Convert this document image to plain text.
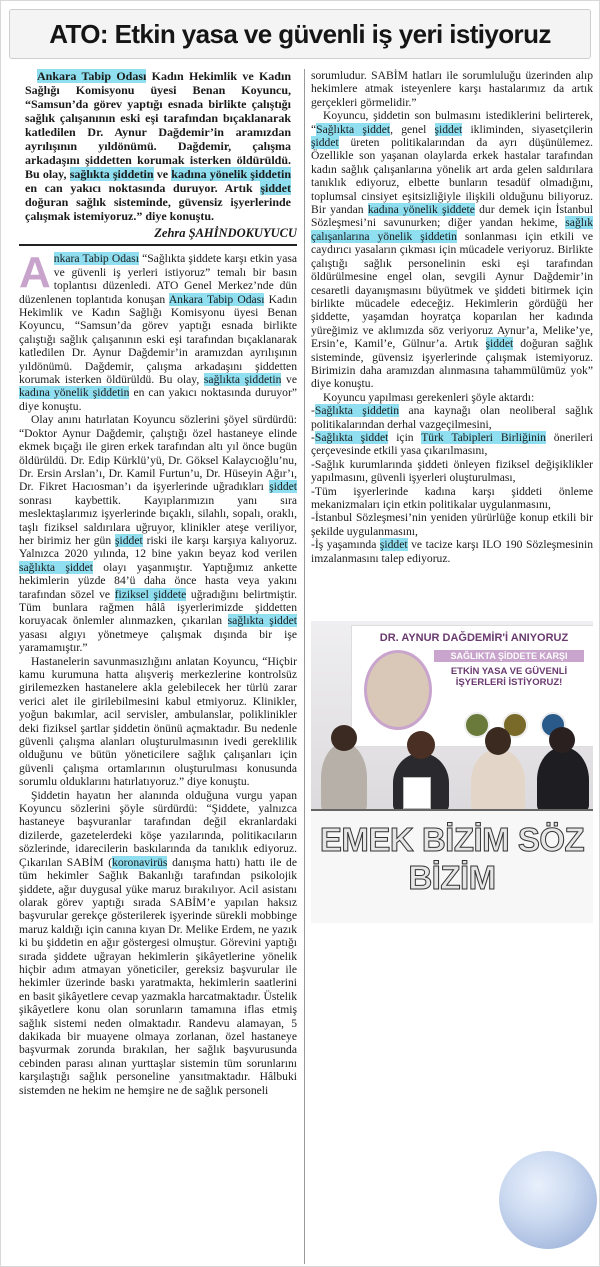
ATO: Etkin yasa ve güvenli iş yeri istiyoruz

Ankara Tabip Odası Kadın Hekimlik ve Kadın Sağlığı Komisyonu üyesi Benan Koyuncu, “Samsun’da görev yaptığı esnada birlikte çalıştığı sağlık çalışanının eski eşi tarafından bıçaklanarak katledilen Dr. Aynur Dağdemir’in aramızdan ayrılışının yıldönümü. Dağdemir, çalışma arkadaşını şiddetten korumak isterken öldürüldü. Bu olay, sağlıkta şiddetin ve kadına yönelik şiddetin en can yakıcı noktasında duruyor. Artık şiddet doğuran sağlık sisteminde, güvensiz işyerlerinde çalışmak istemiyoruz.” diye konuştu.

Zehra ŞAHİNDOKUYUCU

Ankara Tabip Odası “Sağlıkta şiddete karşı etkin yasa ve güvenli iş yerleri istiyoruz” temalı bir basın toplantısı düzenledi. ATO Genel Merkez’nde dün düzenlenen toplantıda konuşan Ankara Tabip Odası Kadın Hekimlik ve Kadın Sağlığı Komisyonu üyesi Benan Koyuncu, “Samsun’da görev yaptığı esnada birlikte çalıştığı sağlık çalışanının eski eşi tarafından bıçaklanarak katledilen Dr. Aynur Dağdemir’in aramızdan ayrılışının yıldönümü. Dağdemir, çalışma arkadaşını şiddetten korumak isterken öldürüldü. Bu olay, sağlıkta şiddetin ve kadına yönelik şiddetin en can yakıcı noktasında duruyor” diye konuştu.

Olay anını hatırlatan Koyuncu sözlerini şöyel sürdürdü: “Doktor Aynur Dağdemir, çalıştığı özel hastaneye elinde ekmek bıçağı ile giren erkek tarafından altı yıl önce bugün öldürüldü. Dr. Edip Kürklü’yü, Dr. Göksel Kalaycıoğlu’nu, Dr. Ersin Arslan’ı, Dr. Kamil Furtun’u, Dr. Hüseyin Ağır’ı, Dr. Fikret Hacıosman’ı da işyerlerinde uğradıkları şiddet sonrası kaybettik. Kayıplarımızın yanı sıra meslektaşlarımız işyerlerinde bıçaklı, silahlı, sopalı, oraklı, taşlı fiziksel saldırılara uğruyor, klinikler ateşe veriliyor, her birimiz her gün şiddet riski ile karşı karşıya kalıyoruz. Yalnızca 2020 yılında, 12 bine yakın beyaz kod verilen sağlıkta şiddet olayı yaşanmıştır. Yaptığımız ankette hekimlerin yüzde 84’ü daha önce hasta veya yakını tarafından sözel ve fiziksel şiddete uğradığını belirtmiştir. Tüm bunlara rağmen hâlâ işyerlerimizde şiddetten koruyacak önlemler alınmazken, çıkarılan sağlıkta şiddet yasası algıyı yönetmeye çalışmak dışında bir işe yaramamıştır.”

Hastanelerin savunmasızlığını anlatan Koyuncu, “Hiçbir kamu kurumuna hatta alışveriş merkezlerine kontrolsüz girilemezken hastanelere akla gelebilecek her türlü zarar verici alet ile girilebilmesini kabul etmiyoruz. Klinikler, yoğun bakımlar, acil servisler, ambulanslar, poliklinikler deki fiziksel şartlar şiddetin önünü açmaktadır. Bu nedenle güvenli çalışma alanları oluşturulmasının ivedi gereklilik olduğunu ve bütün yöneticilere sağlık çalışanları için güvenli çalışma ortamlarının oluşturulması konusunda sorumlu olduklarını hatırlatıyoruz.” diye konuştu.

Şiddetin hayatın her alanında olduğuna vurgu yapan Koyuncu sözlerini şöyle sürdürdü: “Şiddete, yalnızca hastaneye başvuranlar tarafından değil ekranlardaki dizilerde, gazetelerdeki köşe yazılarında, politikacıların sözlerinde, idarecilerin baskılarında da tanıklık ediyoruz. Çıkarılan SABİM (koronavirüs danışma hattı) hattı ile de tüm hekimler Sağlık Bakanlığı tarafından psikolojik şiddete, ağır duygusal yüke maruz bırakılıyor. Acil asistanı olarak görev yaptığı sırada SABİM’e yapılan haksız başvurular gerekçe gösterilerek işyerinde sürekli mobbinge maruz kaldığı için canına kıyan Dr. Melike Erdem, ne yazık ki bu şiddetin en ağır göstergesi olmuştur. Görevini yaptığı sırada şiddete uğrayan hekimlerin şikâyetlerine yönelik hiçbir adım atmayan yöneticiler, gereksiz başvurular ile hekimler üzerinde baskı yaratmakta, hekimlerin saatlerini en basit şikâyetlere cevap yazmakla harcatmaktadır. Üstelik şikâyetlere konu olan sorunların tamamına iflas etmiş sağlık sistemi neden olmaktadır. Randevu alamayan, 5 dakikada bir muayene olmaya zorlanan, özel hastaneye başvurmak zorunda bırakılan, her sağlık başvurusunda cebinden parası alınan yurttaşlar sistemin tüm sorunlarını karşılaştığı sağlık personeline yansıtmaktadır. Hâlbuki sistemden ne hekim ne hemşire ne de sağlık personeli

sorumludur. SABİM hatları ile sorumluluğu üzerinden alıp hekimlere atmak isteyenlere karşı hastalarımız da artık gerçekleri görmelidir.”

Koyuncu, şiddetin son bulmasını istediklerini belirterek, “Sağlıkta şiddet, genel şiddet ikliminden, siyasetçilerin şiddet üreten politikalarından da ayrı düşünülemez. Özellikle son yaşanan olaylarda erkek hastalar tarafından kadın sağlık çalışanlarına yönelik art arda gelen saldırılara tanıklık ediyoruz, elbette bunların tesadüf olmadığını, toplumsal cinsiyet eşitsizliğiyle ilişkili olduğunu biliyoruz. Bir yandan kadına yönelik şiddete dur demek için İstanbul Sözleşmesi’ni savunurken; diğer yandan hekime, sağlık çalışanlarına yönelik şiddetin sonlanması için etkili ve caydırıcı yasaların çıkması için mücadele veriyoruz. Birlikte çalıştığı sağlık personelinin eski eşi tarafından öldürülmesine engel olan, sevgili Aynur Dağdemir’in cesaretli dayanışmasını büyütmek ve şiddeti bitirmek için birlikte mücadele edeceğiz. Hekimlerin gördüğü her şiddette, yaşamdan hoyratça koparılan her kadında yüreğimiz ve aklımızda söz veriyoruz Aynur’a, Melike’ye, Ersin’e, Kamil’e, Gülnur’a. Artık şiddet doğuran sağlık sisteminde, güvensiz işyerlerinde çalışmak istemiyoruz. Birimizin daha aramızdan alınmasına tahammülümüz yok” diye konuştu.

Koyuncu yapılması gerekenleri şöyle aktardı:

-Sağlıkta şiddetin ana kaynağı olan neoliberal sağlık politikalarından derhal vazgeçilmesini,

-Sağlıkta şiddet için Türk Tabipleri Birliğinin önerileri çerçevesinde etkili yasa çıkarılmasını,

-Sağlık kurumlarında şiddeti önleyen fiziksel değişiklikler yapılmasını, güvenli işyerleri oluşturulması,

-Tüm işyerlerinde kadına karşı şiddeti önleme mekanizmaları için etkin politikalar uygulanmasını,

-İstanbul Sözleşmesi’nin yeniden yürürlüğe konup etkili bir şekilde uygulanmasını,

-İş yaşamında şiddet ve tacize karşı ILO 190 Sözleşmesinin imzalanmasını talep ediyoruz.

DR. AYNUR DAĞDEMİR'İ ANIYORUZ
SAĞLIKTA ŞİDDETE KARŞI
ETKİN YASA VE GÜVENLİ İŞYERLERİ İSTİYORUZ!
EMEK BİZİM SÖZ BİZİM
